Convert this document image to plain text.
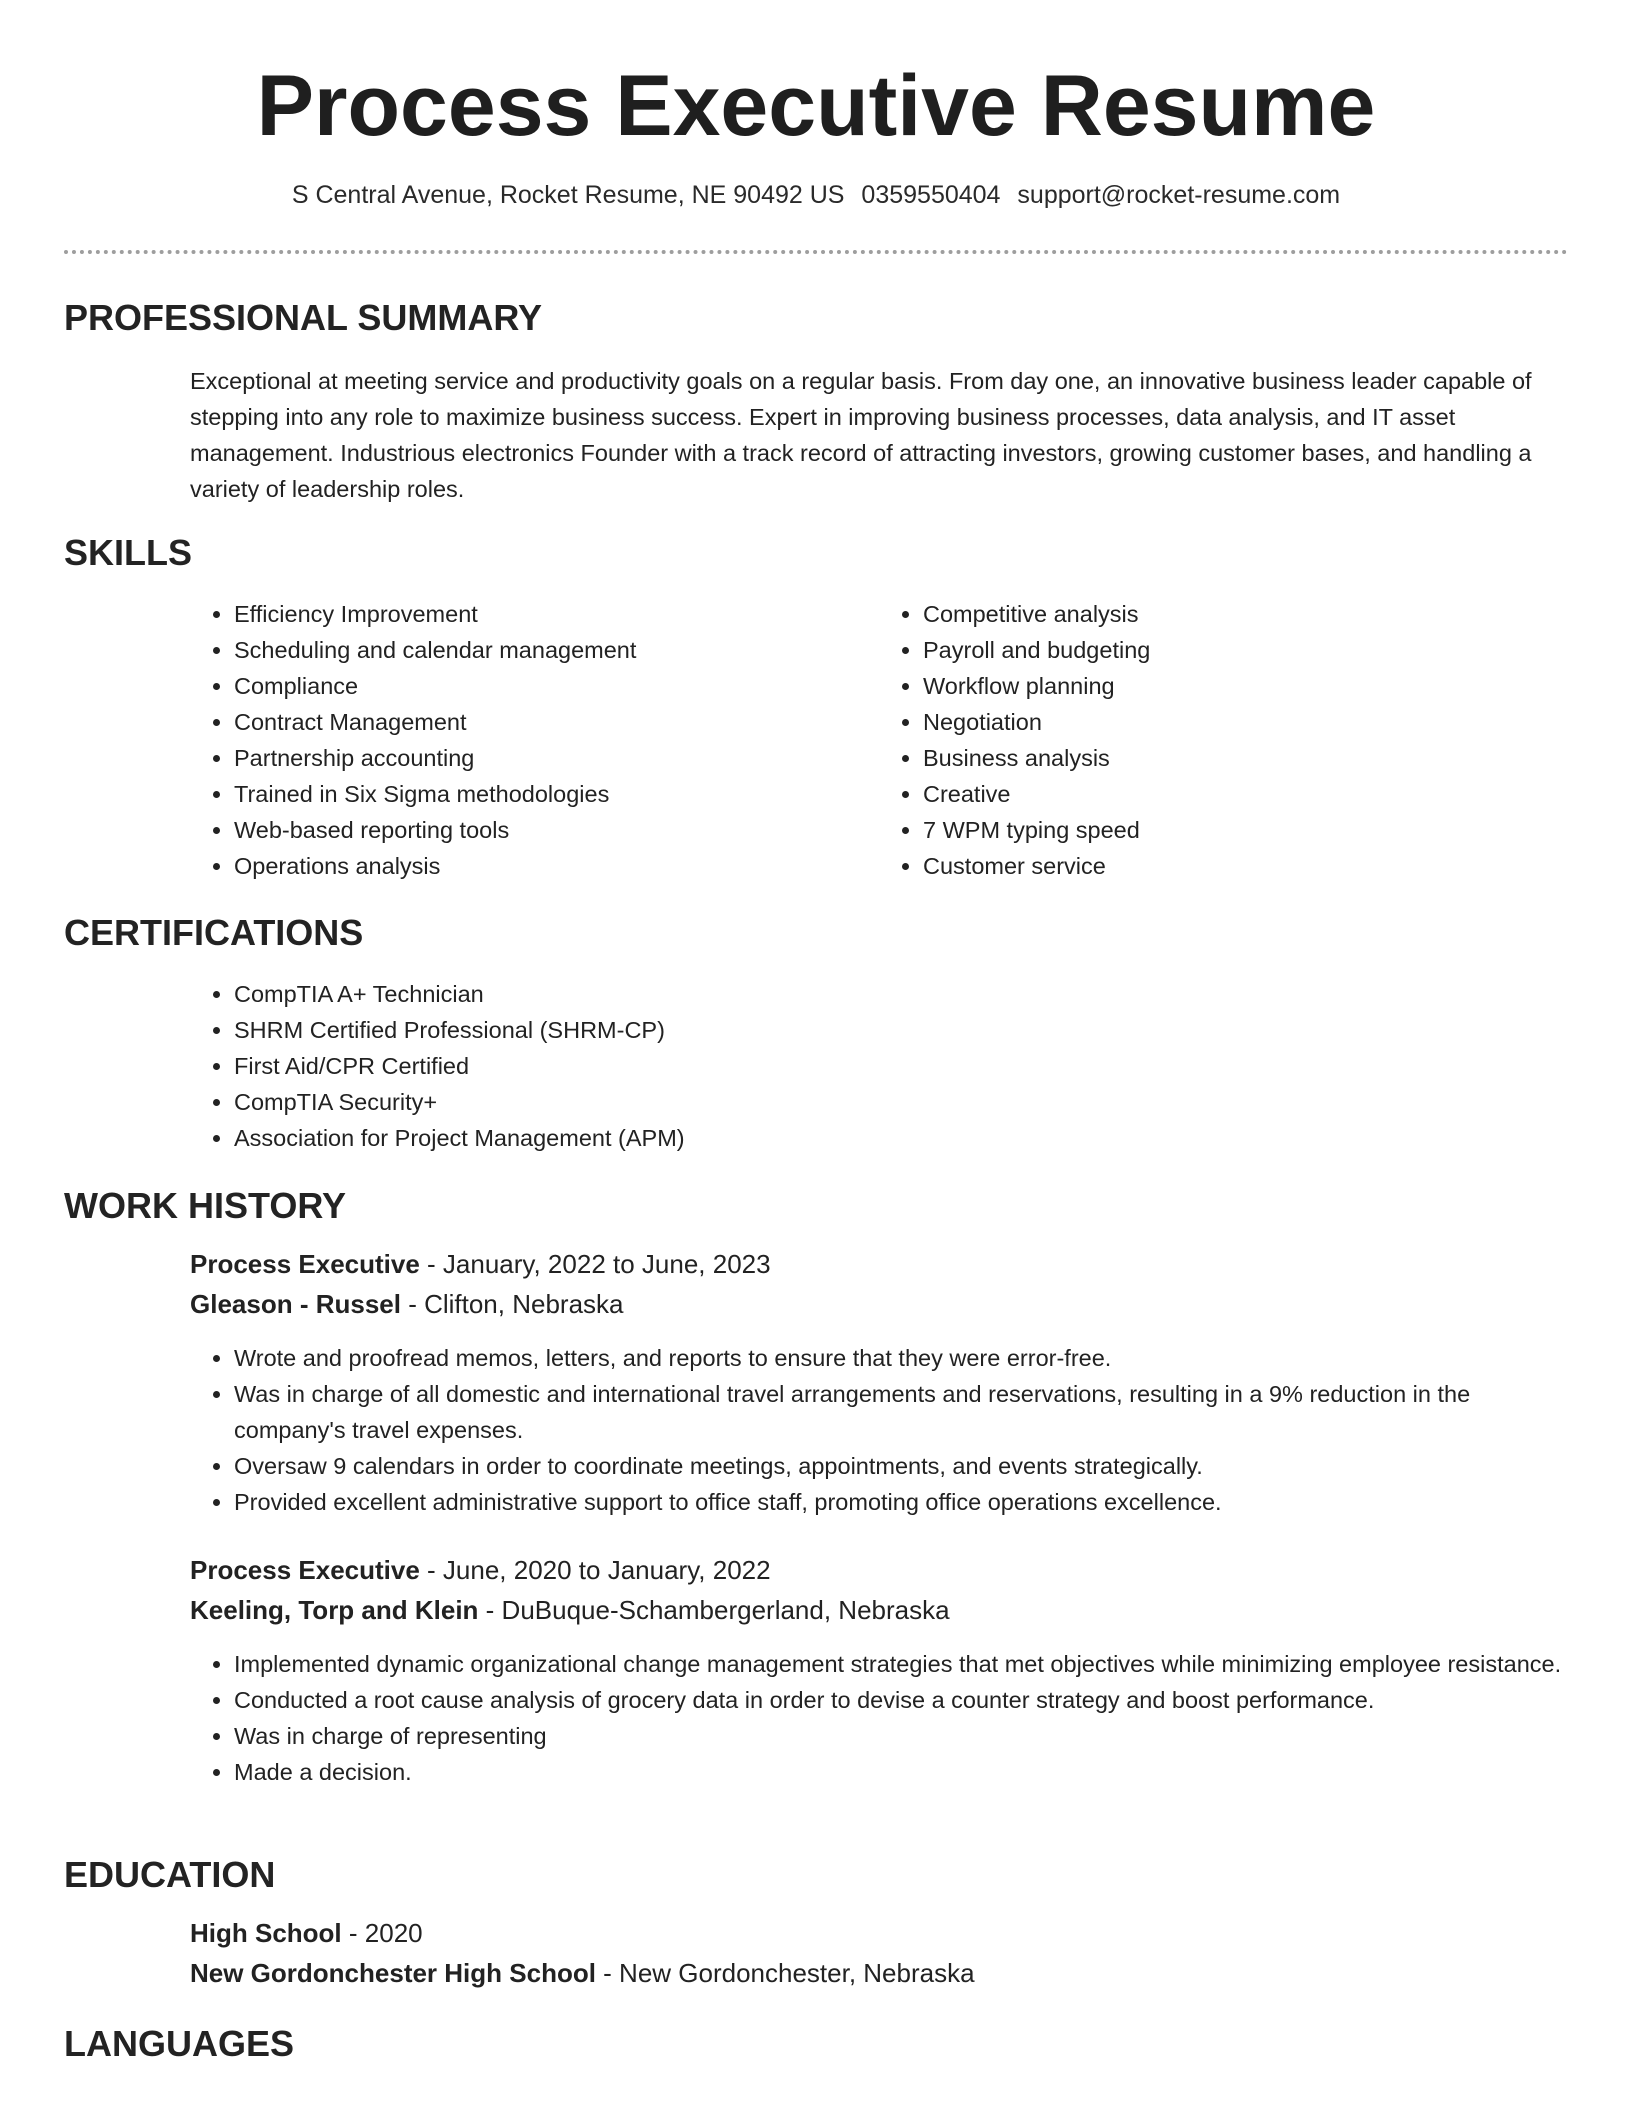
Process Executive Resume
S Central Avenue, Rocket Resume, NE 90492 US 0359550404 support@rocket-resume.com
PROFESSIONAL SUMMARY
Exceptional at meeting service and productivity goals on a regular basis. From day one, an innovative business leader capable of stepping into any role to maximize business success. Expert in improving business processes, data analysis, and IT asset management. Industrious electronics Founder with a track record of attracting investors, growing customer bases, and handling a variety of leadership roles.
SKILLS
• Efficiency Improvement
• Scheduling and calendar management
• Compliance
• Contract Management
• Partnership accounting
• Trained in Six Sigma methodologies
• Web-based reporting tools
• Operations analysis
• Competitive analysis
• Payroll and budgeting
• Workflow planning
• Negotiation
• Business analysis
• Creative
• 7 WPM typing speed
• Customer service
CERTIFICATIONS
• CompTIA A+ Technician
• SHRM Certified Professional (SHRM-CP)
• First Aid/CPR Certified
• CompTIA Security+
• Association for Project Management (APM)
WORK HISTORY
Process Executive - January, 2022 to June, 2023
Gleason - Russel - Clifton, Nebraska
• Wrote and proofread memos, letters, and reports to ensure that they were error-free.
• Was in charge of all domestic and international travel arrangements and reservations, resulting in a 9% reduction in the company's travel expenses.
• Oversaw 9 calendars in order to coordinate meetings, appointments, and events strategically.
• Provided excellent administrative support to office staff, promoting office operations excellence.
Process Executive - June, 2020 to January, 2022
Keeling, Torp and Klein - DuBuque-Schambergerland, Nebraska
• Implemented dynamic organizational change management strategies that met objectives while minimizing employee resistance.
• Conducted a root cause analysis of grocery data in order to devise a counter strategy and boost performance.
• Was in charge of representing
• Made a decision.
EDUCATION
High School - 2020
New Gordonchester High School - New Gordonchester, Nebraska
LANGUAGES
